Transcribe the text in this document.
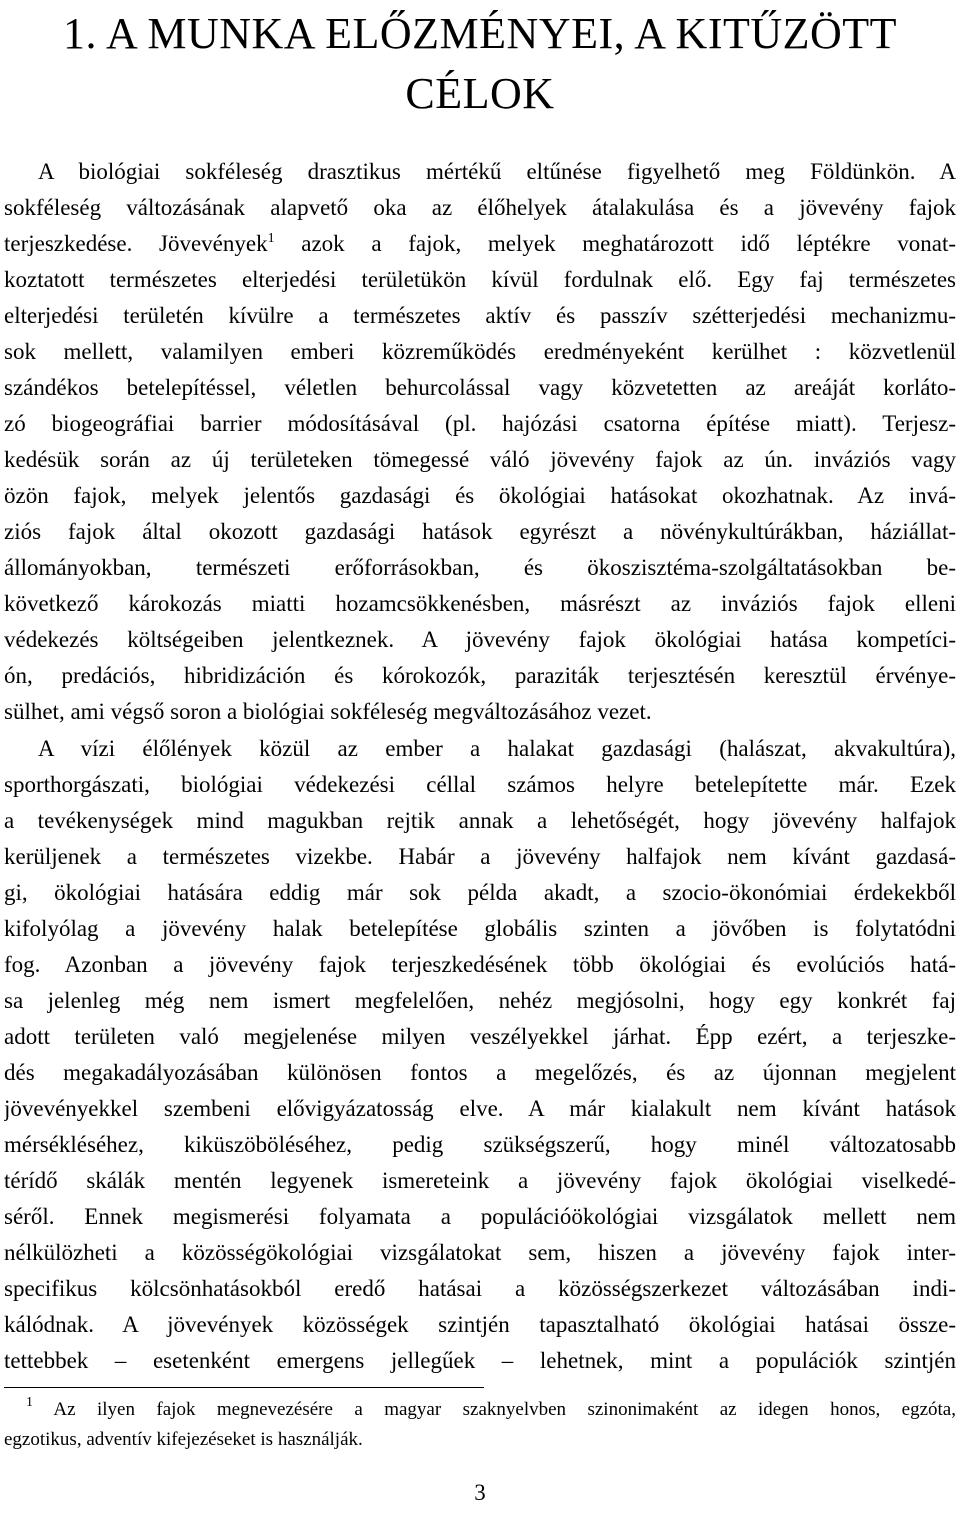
1. A MUNKA ELŐZMÉNYEI, A KITŰZÖTT
CÉLOK
A biológiai sokféleség drasztikus mértékű eltűnése figyelhető meg Földünkön. A
sokféleség változásának alapvető oka az élőhelyek átalakulása és a jövevény fajok
terjeszkedése. Jövevények$^1$ azok a fajok, melyek meghatározott idő léptékre vonat-
koztatott természetes elterjedési területükön kívül fordulnak elő. Egy faj természetes
elterjedési területén kívülre a természetes aktív és passzív szétterjedési mechanizmu-
sok mellett, valamilyen emberi közreműködés eredményeként kerülhet : közvetlenül
szándékos betelepítéssel, véletlen behurcolással vagy közvetetten az areáját korláto-
zó biogeográfiai barrier módosításával (pl. hajózási csatorna építése miatt). Terjesz-
kedésük során az új területeken tömegessé váló jövevény fajok az ún. inváziós vagy
özön fajok, melyek jelentős gazdasági és ökológiai hatásokat okozhatnak. Az invá-
ziós fajok által okozott gazdasági hatások egyrészt a növénykultúrákban, háziállat-
állományokban, természeti erőforrásokban, és ökoszisztéma-szolgáltatásokban be-
következő károkozás miatti hozamcsökkenésben, másrészt az inváziós fajok elleni
védekezés költségeiben jelentkeznek. A jövevény fajok ökológiai hatása kompetíci-
ón, predációs, hibridizáción és kórokozók, paraziták terjesztésén keresztül érvénye-
sülhet, ami végső soron a biológiai sokféleség megváltozásához vezet.
A vízi élőlények közül az ember a halakat gazdasági (halászat, akvakultúra),
sporthorgászati, biológiai védekezési céllal számos helyre betelepítette már. Ezek
a tevékenységek mind magukban rejtik annak a lehetőségét, hogy jövevény halfajok
kerüljenek a természetes vizekbe. Habár a jövevény halfajok nem kívánt gazdasá-
gi, ökológiai hatására eddig már sok példa akadt, a szocio-ökonómiai érdekekből
kifolyólag a jövevény halak betelepítése globális szinten a jövőben is folytatódni
fog. Azonban a jövevény fajok terjeszkedésének több ökológiai és evolúciós hatá-
sa jelenleg még nem ismert megfelelően, nehéz megjósolni, hogy egy konkrét faj
adott területen való megjelenése milyen veszélyekkel járhat. Épp ezért, a terjeszke-
dés megakadályozásában különösen fontos a megelőzés, és az újonnan megjelent
jövevényekkel szembeni elővigyázatosság elve. A már kialakult nem kívánt hatások
mérsékléséhez, kiküszöböléséhez, pedig szükségszerű, hogy minél változatosabb
térídő skálák mentén legyenek ismereteink a jövevény fajok ökológiai viselkedé-
séről. Ennek megismerési folyamata a populációökológiai vizsgálatok mellett nem
nélkülözheti a közösségökológiai vizsgálatokat sem, hiszen a jövevény fajok inter-
specifikus kölcsönhatásokból eredő hatásai a közösségszerkezet változásában indi-
kálódnak. A jövevények közösségek szintjén tapasztalható ökológiai hatásai össze-
tettebbek – esetenként emergens jellegűek – lehetnek, mint a populációk szintjén
$^1$ Az ilyen fajok megnevezésére a magyar szaknyelvben szinonimaként az idegen honos, egzóta,
egzotikus, adventív kifejezéseket is használják.
3
